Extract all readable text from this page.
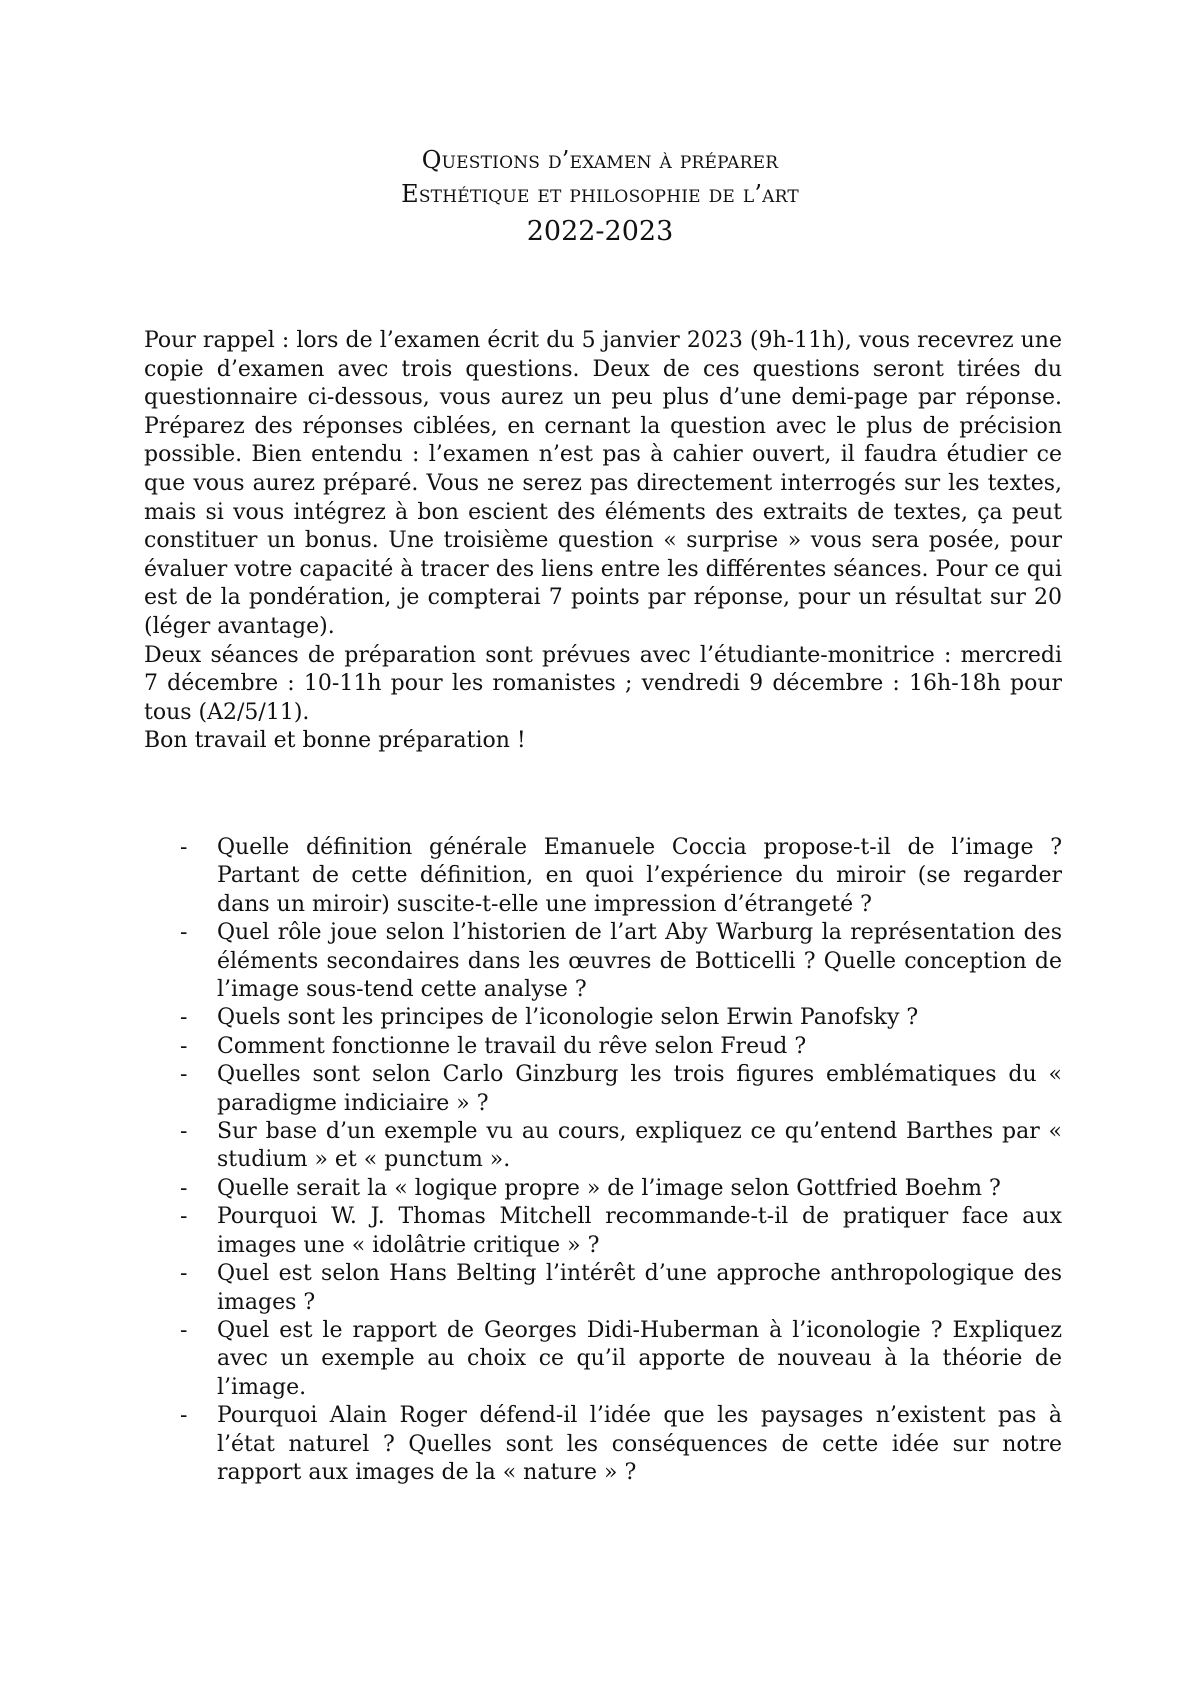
Questions d’examen à préparer
Esthétique et philosophie de l’art
2022-2023

Pour rappel : lors de l’examen écrit du 5 janvier 2023 (9h-11h), vous recevrez une copie d’examen avec trois questions. Deux de ces questions seront tirées du questionnaire ci-dessous, vous aurez un peu plus d’une demi-page par réponse. Préparez des réponses ciblées, en cernant la question avec le plus de précision possible. Bien entendu : l’examen n’est pas à cahier ouvert, il faudra étudier ce que vous aurez préparé. Vous ne serez pas directement interrogés sur les textes, mais si vous intégrez à bon escient des éléments des extraits de textes, ça peut constituer un bonus. Une troisième question « surprise » vous sera posée, pour évaluer votre capacité à tracer des liens entre les différentes séances. Pour ce qui est de la pondération, je compterai 7 points par réponse, pour un résultat sur 20 (léger avantage).

Deux séances de préparation sont prévues avec l’étudiante-monitrice : mercredi 7 décembre : 10-11h pour les romanistes ; vendredi 9 décembre : 16h-18h pour tous (A2/5/11).

Bon travail et bonne préparation !

- Quelle définition générale Emanuele Coccia propose-t-il de l’image ? Partant de cette définition, en quoi l’expérience du miroir (se regarder dans un miroir) suscite-t-elle une impression d’étrangeté ?
- Quel rôle joue selon l’historien de l’art Aby Warburg la représentation des éléments secondaires dans les œuvres de Botticelli ? Quelle conception de l’image sous-tend cette analyse ?
- Quels sont les principes de l’iconologie selon Erwin Panofsky ?
- Comment fonctionne le travail du rêve selon Freud ?
- Quelles sont selon Carlo Ginzburg les trois figures emblématiques du « paradigme indiciaire » ?
- Sur base d’un exemple vu au cours, expliquez ce qu’entend Barthes par « studium » et « punctum ».
- Quelle serait la « logique propre » de l’image selon Gottfried Boehm ?
- Pourquoi W. J. Thomas Mitchell recommande-t-il de pratiquer face aux images une « idolâtrie critique » ?
- Quel est selon Hans Belting l’intérêt d’une approche anthropologique des images ?
- Quel est le rapport de Georges Didi-Huberman à l’iconologie ? Expliquez avec un exemple au choix ce qu’il apporte de nouveau à la théorie de l’image.
- Pourquoi Alain Roger défend-il l’idée que les paysages n’existent pas à l’état naturel ? Quelles sont les conséquences de cette idée sur notre rapport aux images de la « nature » ?
